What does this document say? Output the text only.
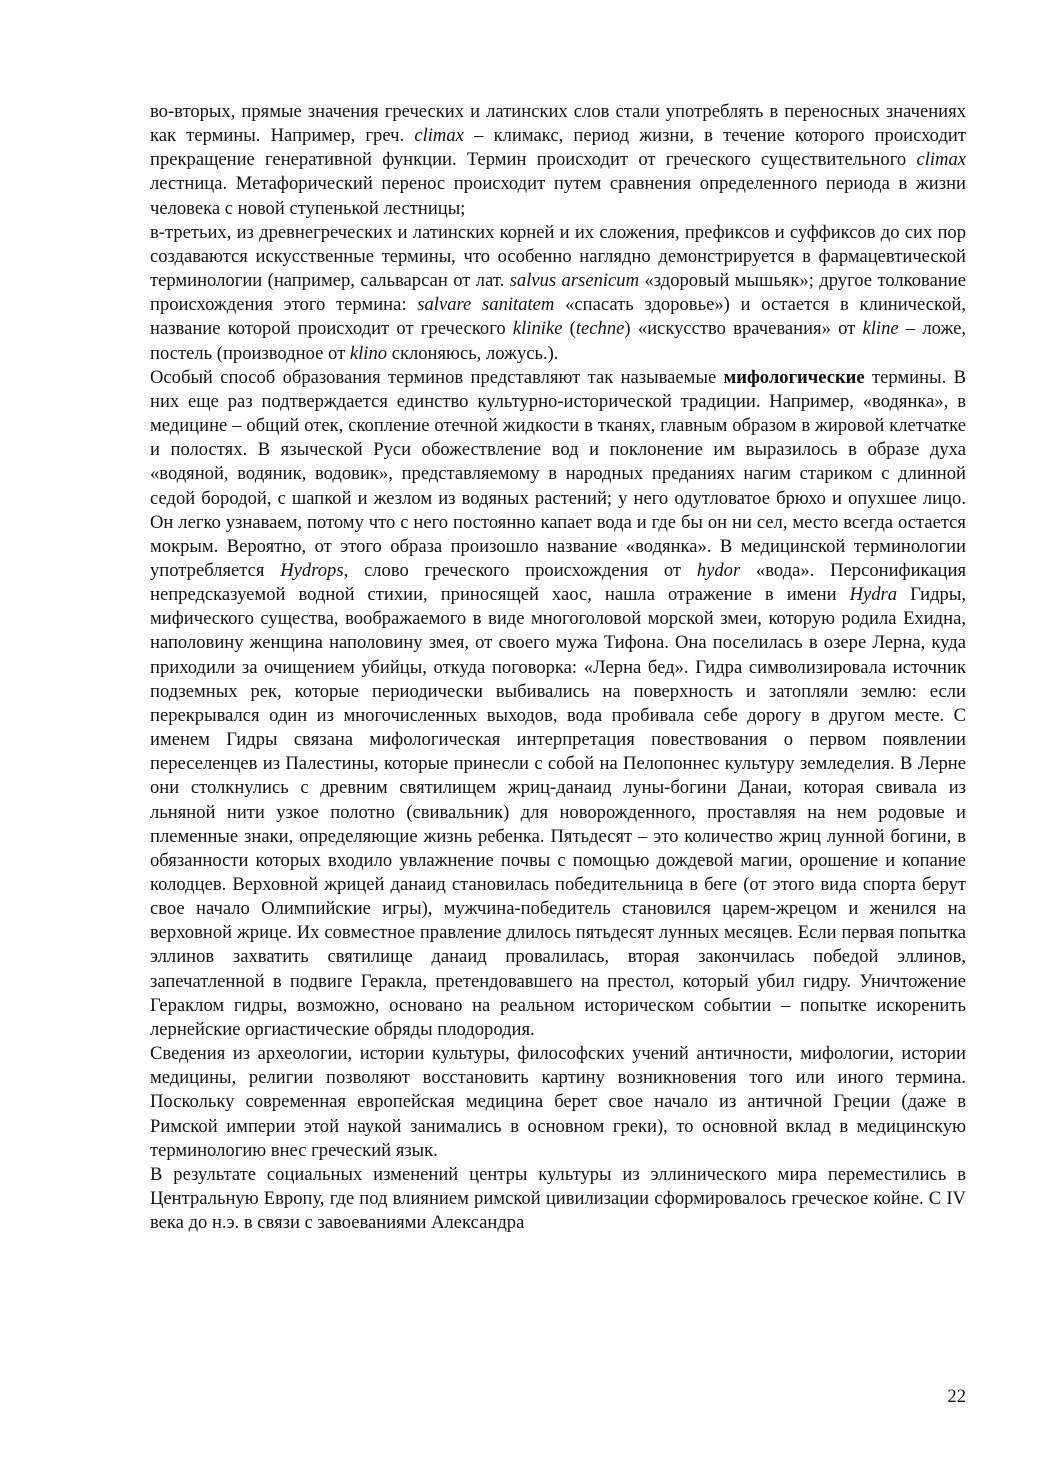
во-вторых, прямые значения греческих и латинских слов стали употреблять в переносных значениях как термины. Например, греч. climax – климакс, период жизни, в течение которого происходит прекращение генеративной функции. Термин происходит от греческого существительного climax лестница. Метафорический перенос происходит путем сравнения определенного периода в жизни человека с новой ступенькой лестницы;

в-третьих, из древнегреческих и латинских корней и их сложения, префиксов и суффиксов до сих пор создаваются искусственные термины, что особенно наглядно демонстрируется в фармацевтической терминологии (например, сальварсан от лат. salvus arsenicum «здоровый мышьяк»; другое толкование происхождения этого термина: salvare sanitatem «спасать здоровье») и остается в клинической, название которой происходит от греческого klinike (techne) «искусство врачевания» от kline – ложе, постель (производное от klino склоняюсь, ложусь.).

Особый способ образования терминов представляют так называемые мифологические термины. В них еще раз подтверждается единство культурно-исторической традиции. Например, «водянка», в медицине – общий отек, скопление отечной жидкости в тканях, главным образом в жировой клетчатке и полостях. В языческой Руси обожествление вод и поклонение им выразилось в образе духа «водяной, водяник, водовик», представляемому в народных преданиях нагим стариком с длинной седой бородой, с шапкой и жезлом из водяных растений; у него одутловатое брюхо и опухшее лицо. Он легко узнаваем, потому что с него постоянно капает вода и где бы он ни сел, место всегда остается мокрым. Вероятно, от этого образа произошло название «водянка». В медицинской терминологии употребляется Hydrops, слово греческого происхождения от hydor «вода». Персонификация непредсказуемой водной стихии, приносящей хаос, нашла отражение в имени Hydra Гидры, мифического существа, воображаемого в виде многоголовой морской змеи, которую родила Ехидна, наполовину женщина наполовину змея, от своего мужа Тифона. Она поселилась в озере Лерна, куда приходили за очищением убийцы, откуда поговорка: «Лерна бед». Гидра символизировала источник подземных рек, которые периодически выбивались на поверхность и затопляли землю: если перекрывался один из многочисленных выходов, вода пробивала себе дорогу в другом месте. С именем Гидры связана мифологическая интерпретация повествования о первом появлении переселенцев из Палестины, которые принесли с собой на Пелопоннес культуру земледелия. В Лерне они столкнулись с древним святилищем жриц-данаид луны-богини Данаи, которая свивала из льняной нити узкое полотно (свивальник) для новорожденного, проставляя на нем родовые и племенные знаки, определяющие жизнь ребенка. Пятьдесят – это количество жриц лунной богини, в обязанности которых входило увлажнение почвы с помощью дождевой магии, орошение и копание колодцев. Верховной жрицей данаид становилась победительница в беге (от этого вида спорта берут свое начало Олимпийские игры), мужчина-победитель становился царем-жрецом и женился на верховной жрице. Их совместное правление длилось пятьдесят лунных месяцев. Если первая попытка эллинов захватить святилище данаид провалилась, вторая закончилась победой эллинов, запечатленной в подвиге Геракла, претендовавшего на престол, который убил гидру. Уничтожение Гераклом гидры, возможно, основано на реальном историческом событии – попытке искоренить лернейские оргиастические обряды плодородия.

Сведения из археологии, истории культуры, философских учений античности, мифологии, истории медицины, религии позволяют восстановить картину возникновения того или иного термина. Поскольку современная европейская медицина берет свое начало из античной Греции (даже в Римской империи этой наукой занимались в основном греки), то основной вклад в медицинскую терминологию внес греческий язык.

В результате социальных изменений центры культуры из эллинического мира переместились в Центральную Европу, где под влиянием римской цивилизации сформировалось греческое койне. С IV века до н.э. в связи с завоеваниями Александра

22
